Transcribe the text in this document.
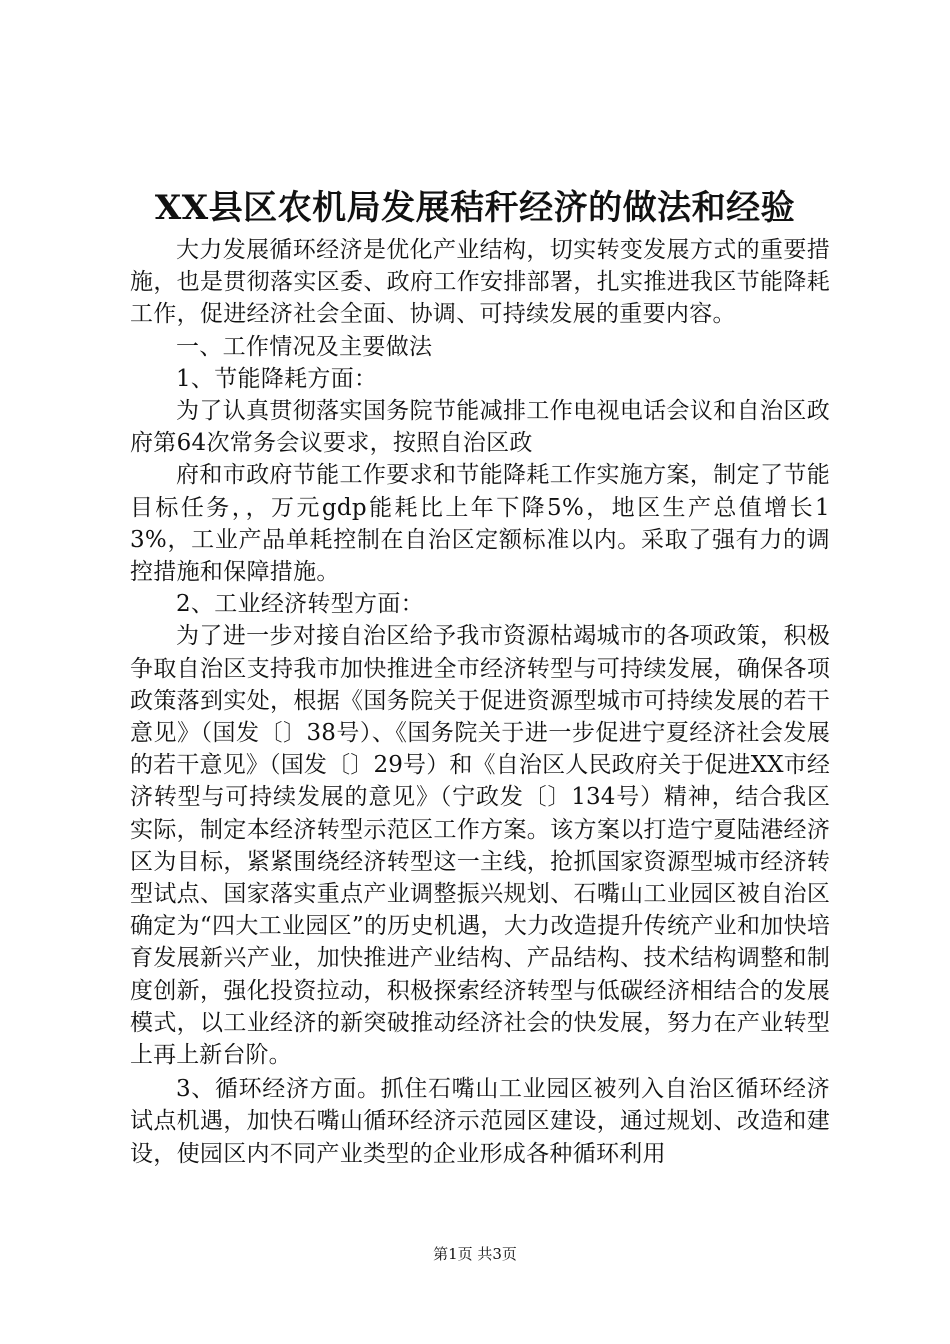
XX县区农机局发展秸秆经济的做法和经验

大力发展循环经济是优化产业结构，切实转变发展方式的重要措施，也是贯彻落实区委、政府工作安排部署，扎实推进我区节能降耗工作，促进经济社会全面、协调、可持续发展的重要内容。

一、工作情况及主要做法

1、节能降耗方面：

为了认真贯彻落实国务院节能减排工作电视电话会议和自治区政府第64次常务会议要求，按照自治区政

府和市政府节能工作要求和节能降耗工作实施方案，制定了节能目标任务，，万元gdp能耗比上年下降5%，地区生产总值增长13%，工业产品单耗控制在自治区定额标准以内。采取了强有力的调控措施和保障措施。

2、工业经济转型方面：

为了进一步对接自治区给予我市资源枯竭城市的各项政策，积极争取自治区支持我市加快推进全市经济转型与可持续发展，确保各项政策落到实处，根据《国务院关于促进资源型城市可持续发展的若干意见》（国发〔〕38号）、《国务院关于进一步促进宁夏经济社会发展的若干意见》（国发〔〕29号）和《自治区人民政府关于促进XX市经济转型与可持续发展的意见》（宁政发〔〕134号）精神，结合我区实际，制定本经济转型示范区工作方案。该方案以打造宁夏陆港经济区为目标，紧紧围绕经济转型这一主线，抢抓国家资源型城市经济转型试点、国家落实重点产业调整振兴规划、石嘴山工业园区被自治区确定为“四大工业园区”的历史机遇，大力改造提升传统产业和加快培育发展新兴产业，加快推进产业结构、产品结构、技术结构调整和制度创新，强化投资拉动，积极探索经济转型与低碳经济相结合的发展模式，以工业经济的新突破推动经济社会的快发展，努力在产业转型上再上新台阶。

3、循环经济方面。抓住石嘴山工业园区被列入自治区循环经济试点机遇，加快石嘴山循环经济示范园区建设，通过规划、改造和建设，使园区内不同产业类型的企业形成各种循环利用

第1页 共3页
